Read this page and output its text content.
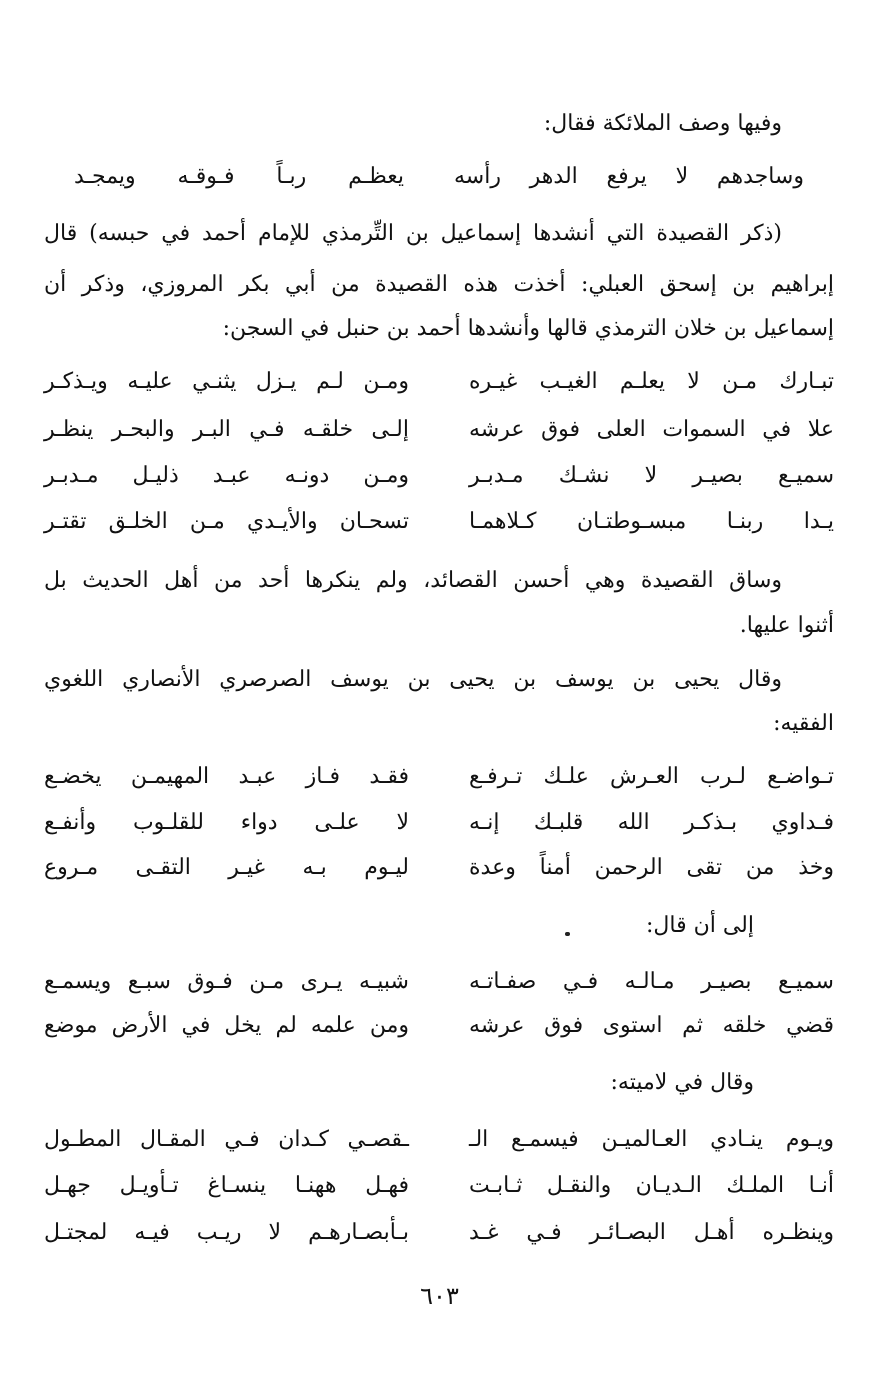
وفيها وصف الملائكة فقال:
وساجدهم لا يرفع الدهر رأسه
يعظـم ربـاً فـوقـه ويمجـد
(ذكر القصيدة التي أنشدها إسماعيل بن التِّرمذي للإمام أحمد في حبسه) قال
إبراهيم بن إسحق العبلي: أخذت هذه القصيدة من أبي بكر المروزي، وذكر أن
إسماعيل بن خلان الترمذي قالها وأنشدها أحمد بن حنبل في السجن:
تبـارك مـن لا يعلـم الغيـب غيـره
ومـن لـم يـزل يثنـي عليـه ويـذكـر
علا في السموات العلى فوق عرشه
إلـى خلقـه فـي البـر والبحـر ينظـر
سميـع بصيـر لا نشـك مـدبـر
ومـن دونـه عبـد ذليـل مـدبـر
يـدا ربنـا مبسـوطتـان كـلاهمـا
تسحـان والأيـدي مـن الخلـق تقتـر
وساق القصيدة وهي أحسن القصائد، ولم ينكرها أحد من أهل الحديث بل
أثنوا عليها.
وقال يحيى بن يوسف بن يحيى بن يوسف الصرصري الأنصاري اللغوي
الفقيه:
تـواضـع لـرب العـرش علـك تـرفـع
فقـد فـاز عبـد المهيمـن يخضـع
فـداوي بـذكـر الله قلبـك إنـه
لا علـى دواء للقلـوب وأنفـع
وخذ من تقى الرحمن أمناً وعدة
ليـوم بـه غيـر التقـى مـروع
إلى أن قال:
سميـع بصيـر مـالـه فـي صفـاتـه
شبيـه يـرى مـن فـوق سبـع ويسمـع
قضي خلقه ثم استوى فوق عرشه
ومن علمه لم يخل في الأرض موضع
وقال في لاميته:
ويـوم ينـادي العـالميـن فيسمـع الـ
ـقصـي كـدان فـي المقـال المطـول
أنـا الملـك الـديـان والنقـل ثـابـت
فهـل ههنـا ينسـاغ تـأويـل جهـل
وينظـره أهـل البصـائـر فـي غـد
بـأبصـارهـم لا ريـب فيـه لمجتـل
٦٠٣
